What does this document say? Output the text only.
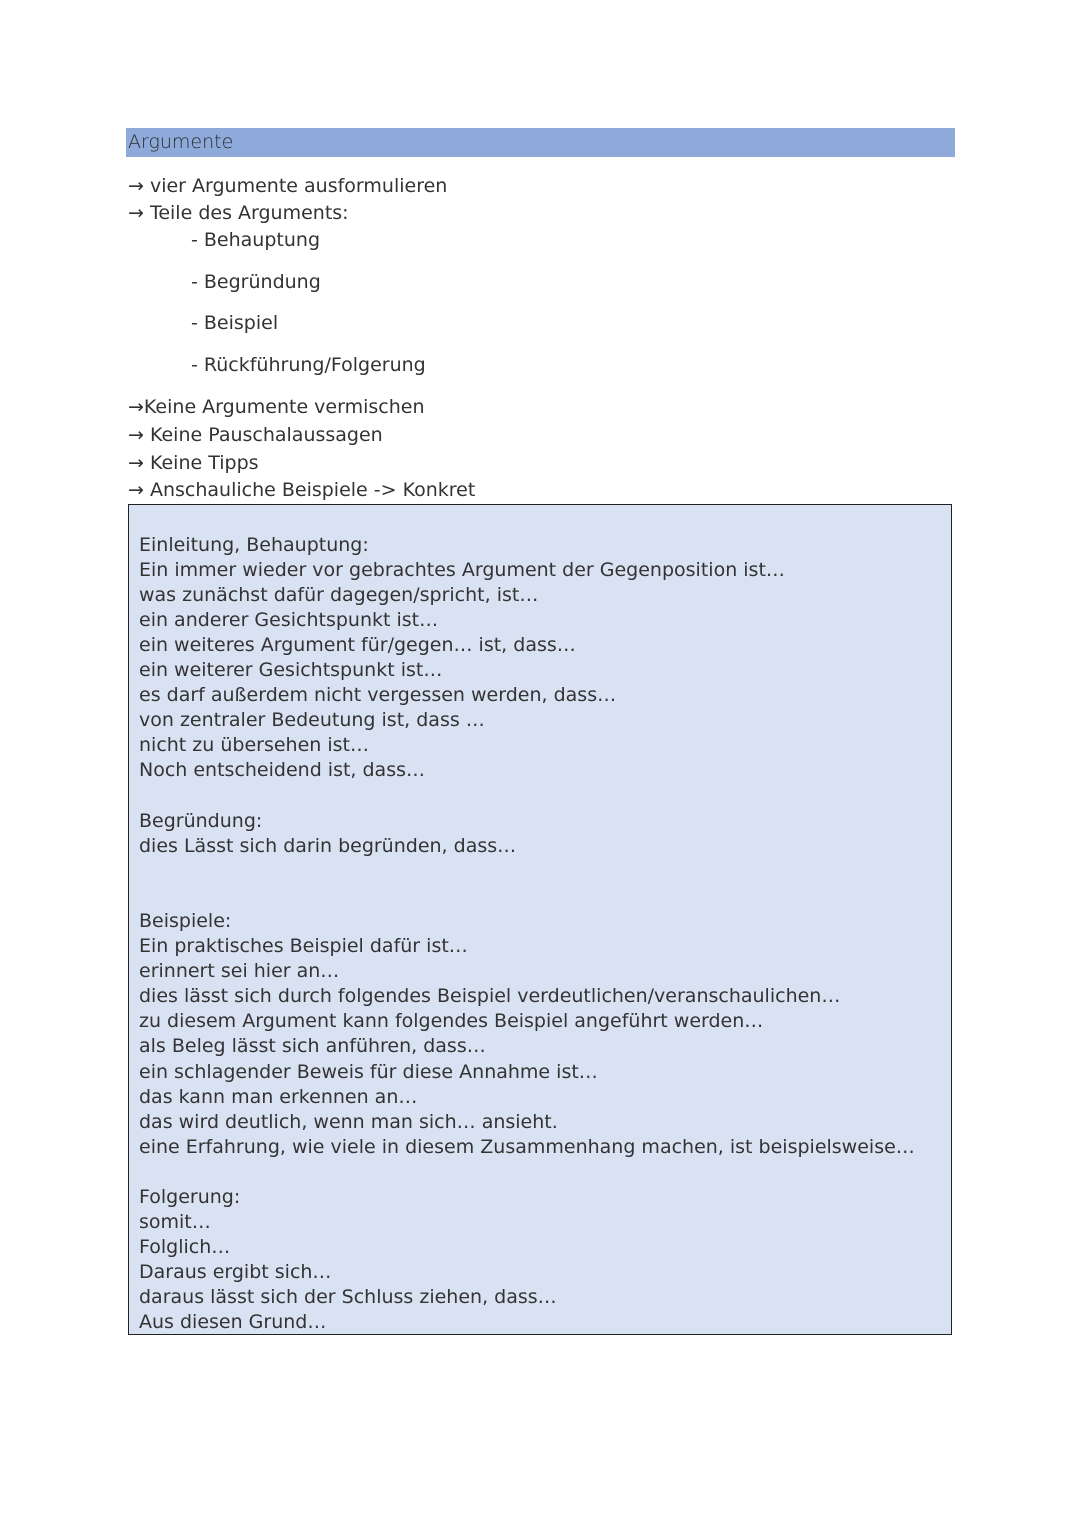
Argumente
→ vier Argumente ausformulieren
→ Teile des Arguments:
- Behauptung
- Begründung
- Beispiel
- Rückführung/Folgerung
→Keine Argumente vermischen
→ Keine Pauschalaussagen
→ Keine Tipps
→ Anschauliche Beispiele -> Konkret
Einleitung, Behauptung:
Ein immer wieder vor gebrachtes Argument der Gegenposition ist…
was zunächst dafür dagegen/spricht, ist…
ein anderer Gesichtspunkt ist…
ein weiteres Argument für/gegen… ist, dass…
ein weiterer Gesichtspunkt ist…
es darf außerdem nicht vergessen werden, dass…
von zentraler Bedeutung ist, dass …
nicht zu übersehen ist…
Noch entscheidend ist, dass…
Begründung:
dies Lässt sich darin begründen, dass…
Beispiele:
Ein praktisches Beispiel dafür ist…
erinnert sei hier an…
dies lässt sich durch folgendes Beispiel verdeutlichen/veranschaulichen…
zu diesem Argument kann folgendes Beispiel angeführt werden…
als Beleg lässt sich anführen, dass…
ein schlagender Beweis für diese Annahme ist…
das kann man erkennen an…
das wird deutlich, wenn man sich… ansieht.
eine Erfahrung, wie viele in diesem Zusammenhang machen, ist beispielsweise…
Folgerung:
somit…
Folglich…
Daraus ergibt sich…
daraus lässt sich der Schluss ziehen, dass…
Aus diesen Grund…
